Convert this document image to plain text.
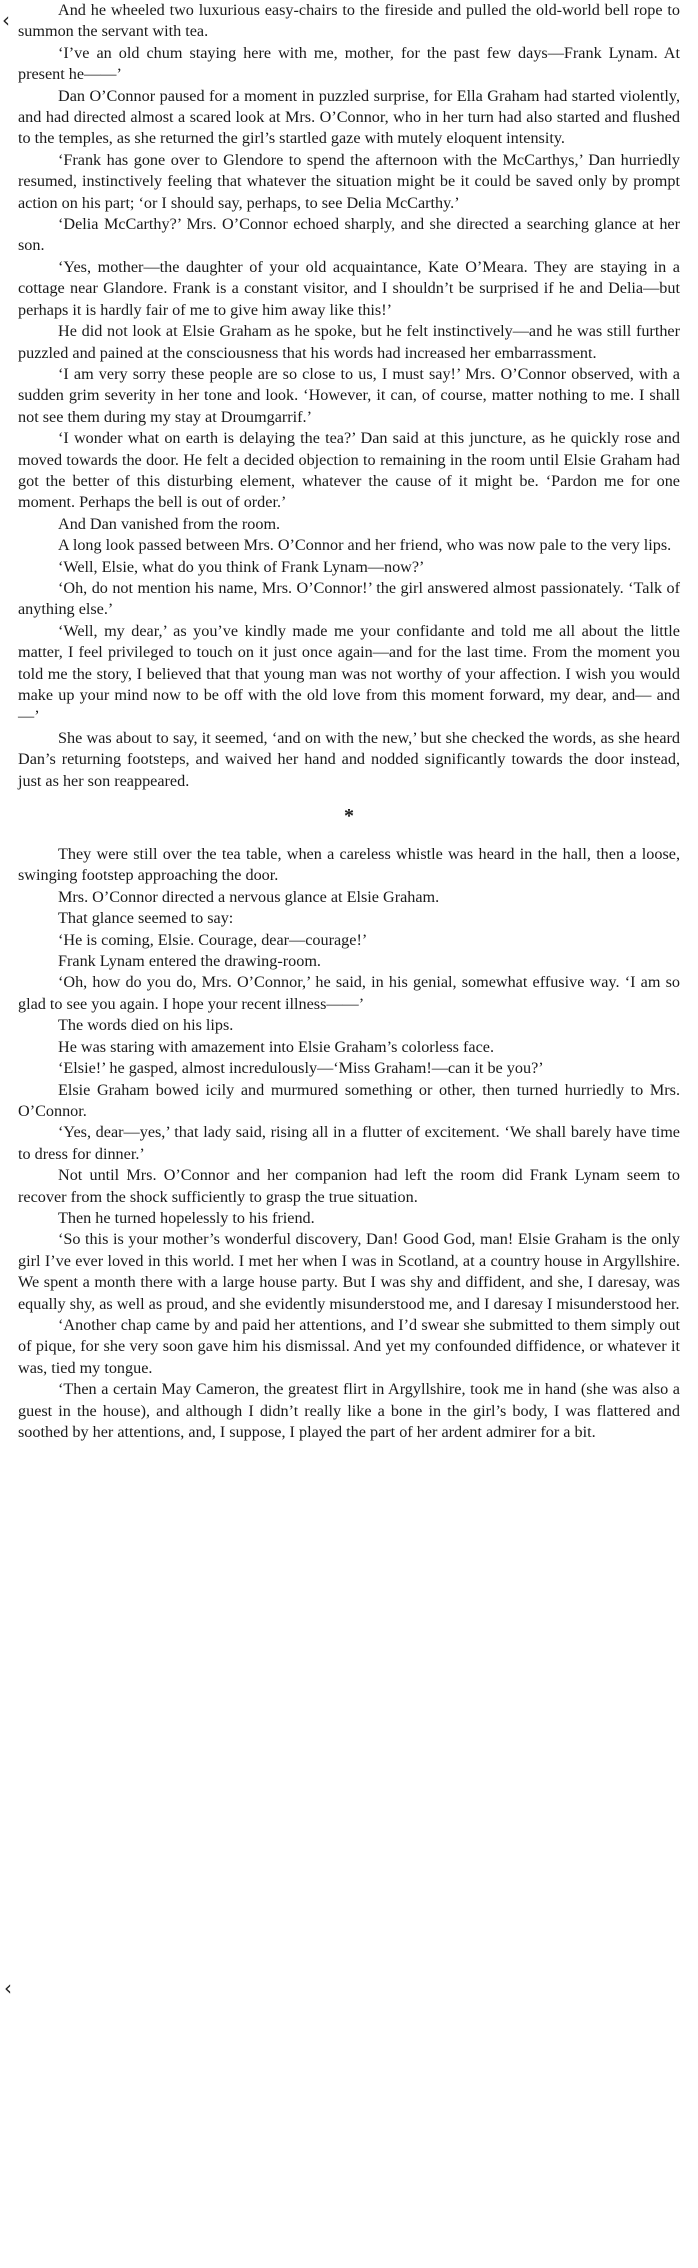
‹
‹

And he wheeled two luxurious easy-chairs to the fireside and pulled the old-world bell rope to summon the servant with tea.

‘I’ve an old chum staying here with me, mother, for the past few days—Frank Lynam. At present he——’

Dan O’Connor paused for a moment in puzzled surprise, for Ella Graham had started violently, and had directed almost a scared look at Mrs. O’Connor, who in her turn had also started and flushed to the temples, as she returned the girl’s startled gaze with mutely eloquent intensity.

‘Frank has gone over to Glendore to spend the afternoon with the McCarthys,’ Dan hurriedly resumed, instinctively feeling that whatever the situation might be it could be saved only by prompt action on his part; ‘or I should say, perhaps, to see Delia McCarthy.’

‘Delia McCarthy?’ Mrs. O’Connor echoed sharply, and she directed a searching glance at her son.

‘Yes, mother—the daughter of your old acquaintance, Kate O’Meara. They are staying in a cottage near Glandore. Frank is a constant visitor, and I shouldn’t be surprised if he and Delia—but perhaps it is hardly fair of me to give him away like this!’

He did not look at Elsie Graham as he spoke, but he felt instinctively—and he was still further puzzled and pained at the consciousness that his words had increased her embarrassment.

‘I am very sorry these people are so close to us, I must say!’ Mrs. O’Connor observed, with a sudden grim severity in her tone and look. ‘However, it can, of course, matter nothing to me. I shall not see them during my stay at Droumgarrif.’

‘I wonder what on earth is delaying the tea?’ Dan said at this juncture, as he quickly rose and moved towards the door. He felt a decided objection to remaining in the room until Elsie Graham had got the better of this disturbing element, whatever the cause of it might be. ‘Pardon me for one moment. Perhaps the bell is out of order.’

And Dan vanished from the room.

A long look passed between Mrs. O’Connor and her friend, who was now pale to the very lips.

‘Well, Elsie, what do you think of Frank Lynam—now?’

‘Oh, do not mention his name, Mrs. O’Connor!’ the girl answered almost passionately. ‘Talk of anything else.’

‘Well, my dear,’ as you’ve kindly made me your confidante and told me all about the little matter, I feel privileged to touch on it just once again—and for the last time. From the moment you told me the story, I believed that that young man was not worthy of your affection. I wish you would make up your mind now to be off with the old love from this moment forward, my dear, and— and—’

She was about to say, it seemed, ‘and on with the new,’ but she checked the words, as she heard Dan’s returning footsteps, and waived her hand and nodded significantly towards the door instead, just as her son reappeared.

*

They were still over the tea table, when a careless whistle was heard in the hall, then a loose, swinging footstep approaching the door.

Mrs. O’Connor directed a nervous glance at Elsie Graham.

That glance seemed to say:

‘He is coming, Elsie. Courage, dear—courage!’

Frank Lynam entered the drawing-room.

‘Oh, how do you do, Mrs. O’Connor,’ he said, in his genial, somewhat effusive way. ‘I am so glad to see you again. I hope your recent illness——’

The words died on his lips.

He was staring with amazement into Elsie Graham’s colorless face.

‘Elsie!’ he gasped, almost incredulously—‘Miss Graham!—can it be you?’

Elsie Graham bowed icily and murmured something or other, then turned hurriedly to Mrs. O’Connor.

‘Yes, dear—yes,’ that lady said, rising all in a flutter of excitement. ‘We shall barely have time to dress for dinner.’

Not until Mrs. O’Connor and her companion had left the room did Frank Lynam seem to recover from the shock sufficiently to grasp the true situation.

Then he turned hopelessly to his friend.

‘So this is your mother’s wonderful discovery, Dan! Good God, man! Elsie Graham is the only girl I’ve ever loved in this world. I met her when I was in Scotland, at a country house in Argyllshire. We spent a month there with a large house party. But I was shy and diffident, and she, I daresay, was equally shy, as well as proud, and she evidently misunderstood me, and I daresay I misunderstood her.

‘Another chap came by and paid her attentions, and I’d swear she submitted to them simply out of pique, for she very soon gave him his dismissal. And yet my confounded diffidence, or whatever it was, tied my tongue.

‘Then a certain May Cameron, the greatest flirt in Argyllshire, took me in hand (she was also a guest in the house), and although I didn’t really like a bone in the girl’s body, I was flattered and soothed by her attentions, and, I suppose, I played the part of her ardent admirer for a bit.
